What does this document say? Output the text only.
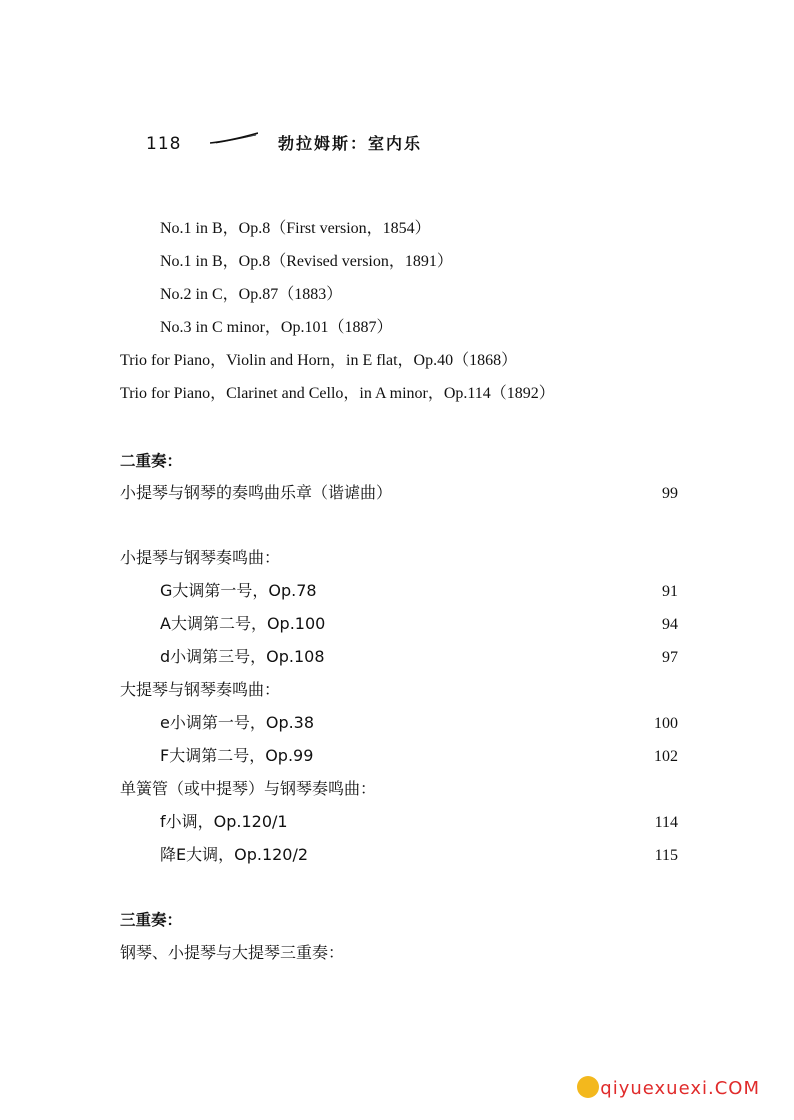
118	勃拉姆斯：室内乐
No.1 in B，Op.8（First version，1854）
No.1 in B，Op.8（Revised version，1891）
No.2 in C，Op.87（1883）
No.3 in C minor，Op.101（1887）
Trio for Piano，Violin and Horn，in E flat，Op.40（1868）
Trio for Piano，Clarinet and Cello，in A minor，Op.114（1892）
二重奏：
小提琴与钢琴的奏鸣曲乐章（谐谑曲）	99
小提琴与钢琴奏鸣曲：
G大调第一号，Op.78	91
A大调第二号，Op.100	94
d小调第三号，Op.108	97
大提琴与钢琴奏鸣曲：
e小调第一号，Op.38	100
F大调第二号，Op.99	102
单簧管（或中提琴）与钢琴奏鸣曲：
f小调，Op.120/1	114
降E大调，Op.120/2	115
三重奏：
钢琴、小提琴与大提琴三重奏：
qiyuexuexi.COM
